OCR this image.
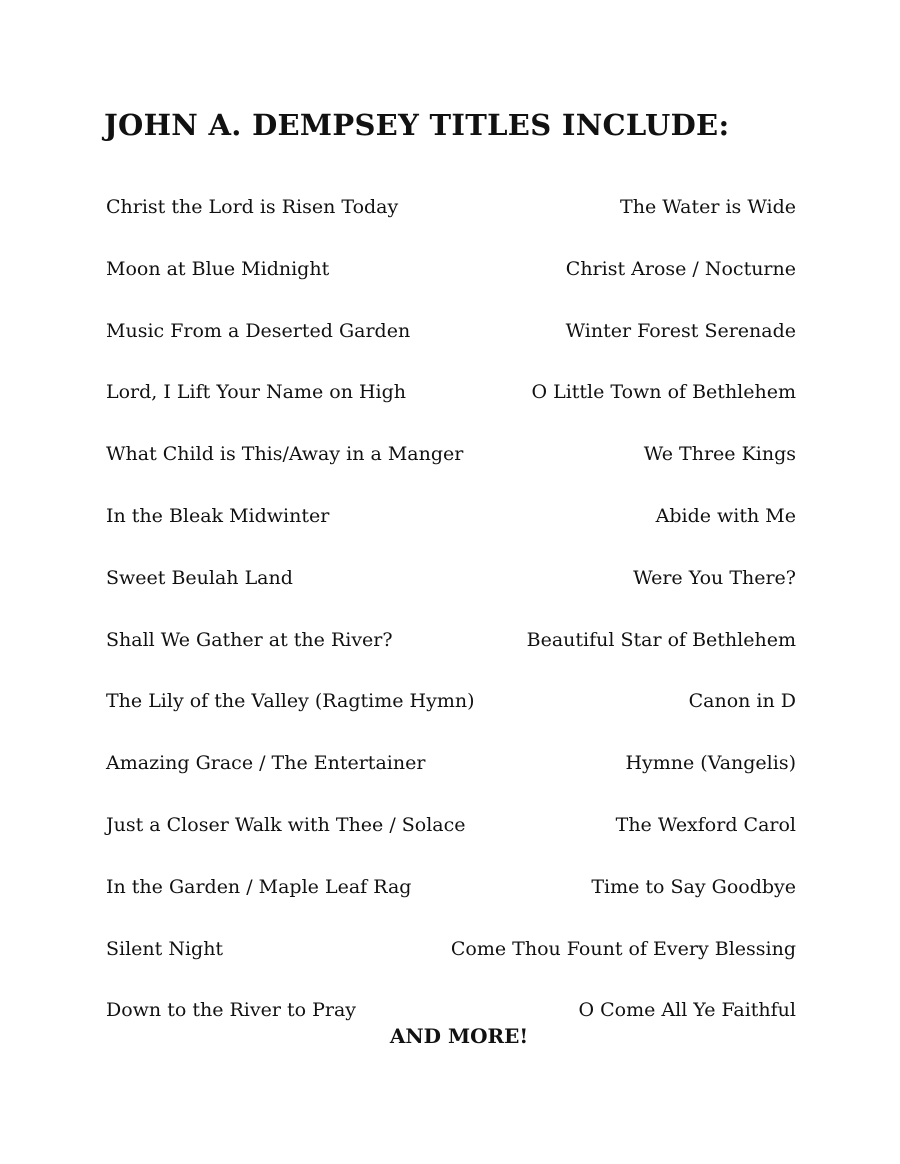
JOHN A. DEMPSEY TITLES INCLUDE:
Christ the Lord is Risen Today	The Water is Wide
Moon at Blue Midnight	Christ Arose / Nocturne
Music From a Deserted Garden	Winter Forest Serenade
Lord, I Lift Your Name on High	O Little Town of Bethlehem
What Child is This/Away in a Manger	We Three Kings
In the Bleak Midwinter	Abide with Me
Sweet Beulah Land	Were You There?
Shall We Gather at the River?	Beautiful Star of Bethlehem
The Lily of the Valley (Ragtime Hymn)	Canon in D
Amazing Grace / The Entertainer	Hymne (Vangelis)
Just a Closer Walk with Thee / Solace	The Wexford Carol
In the Garden / Maple Leaf Rag	Time to Say Goodbye
Silent Night	Come Thou Fount of Every Blessing
Down to the River to Pray	O Come All Ye Faithful
AND MORE!
